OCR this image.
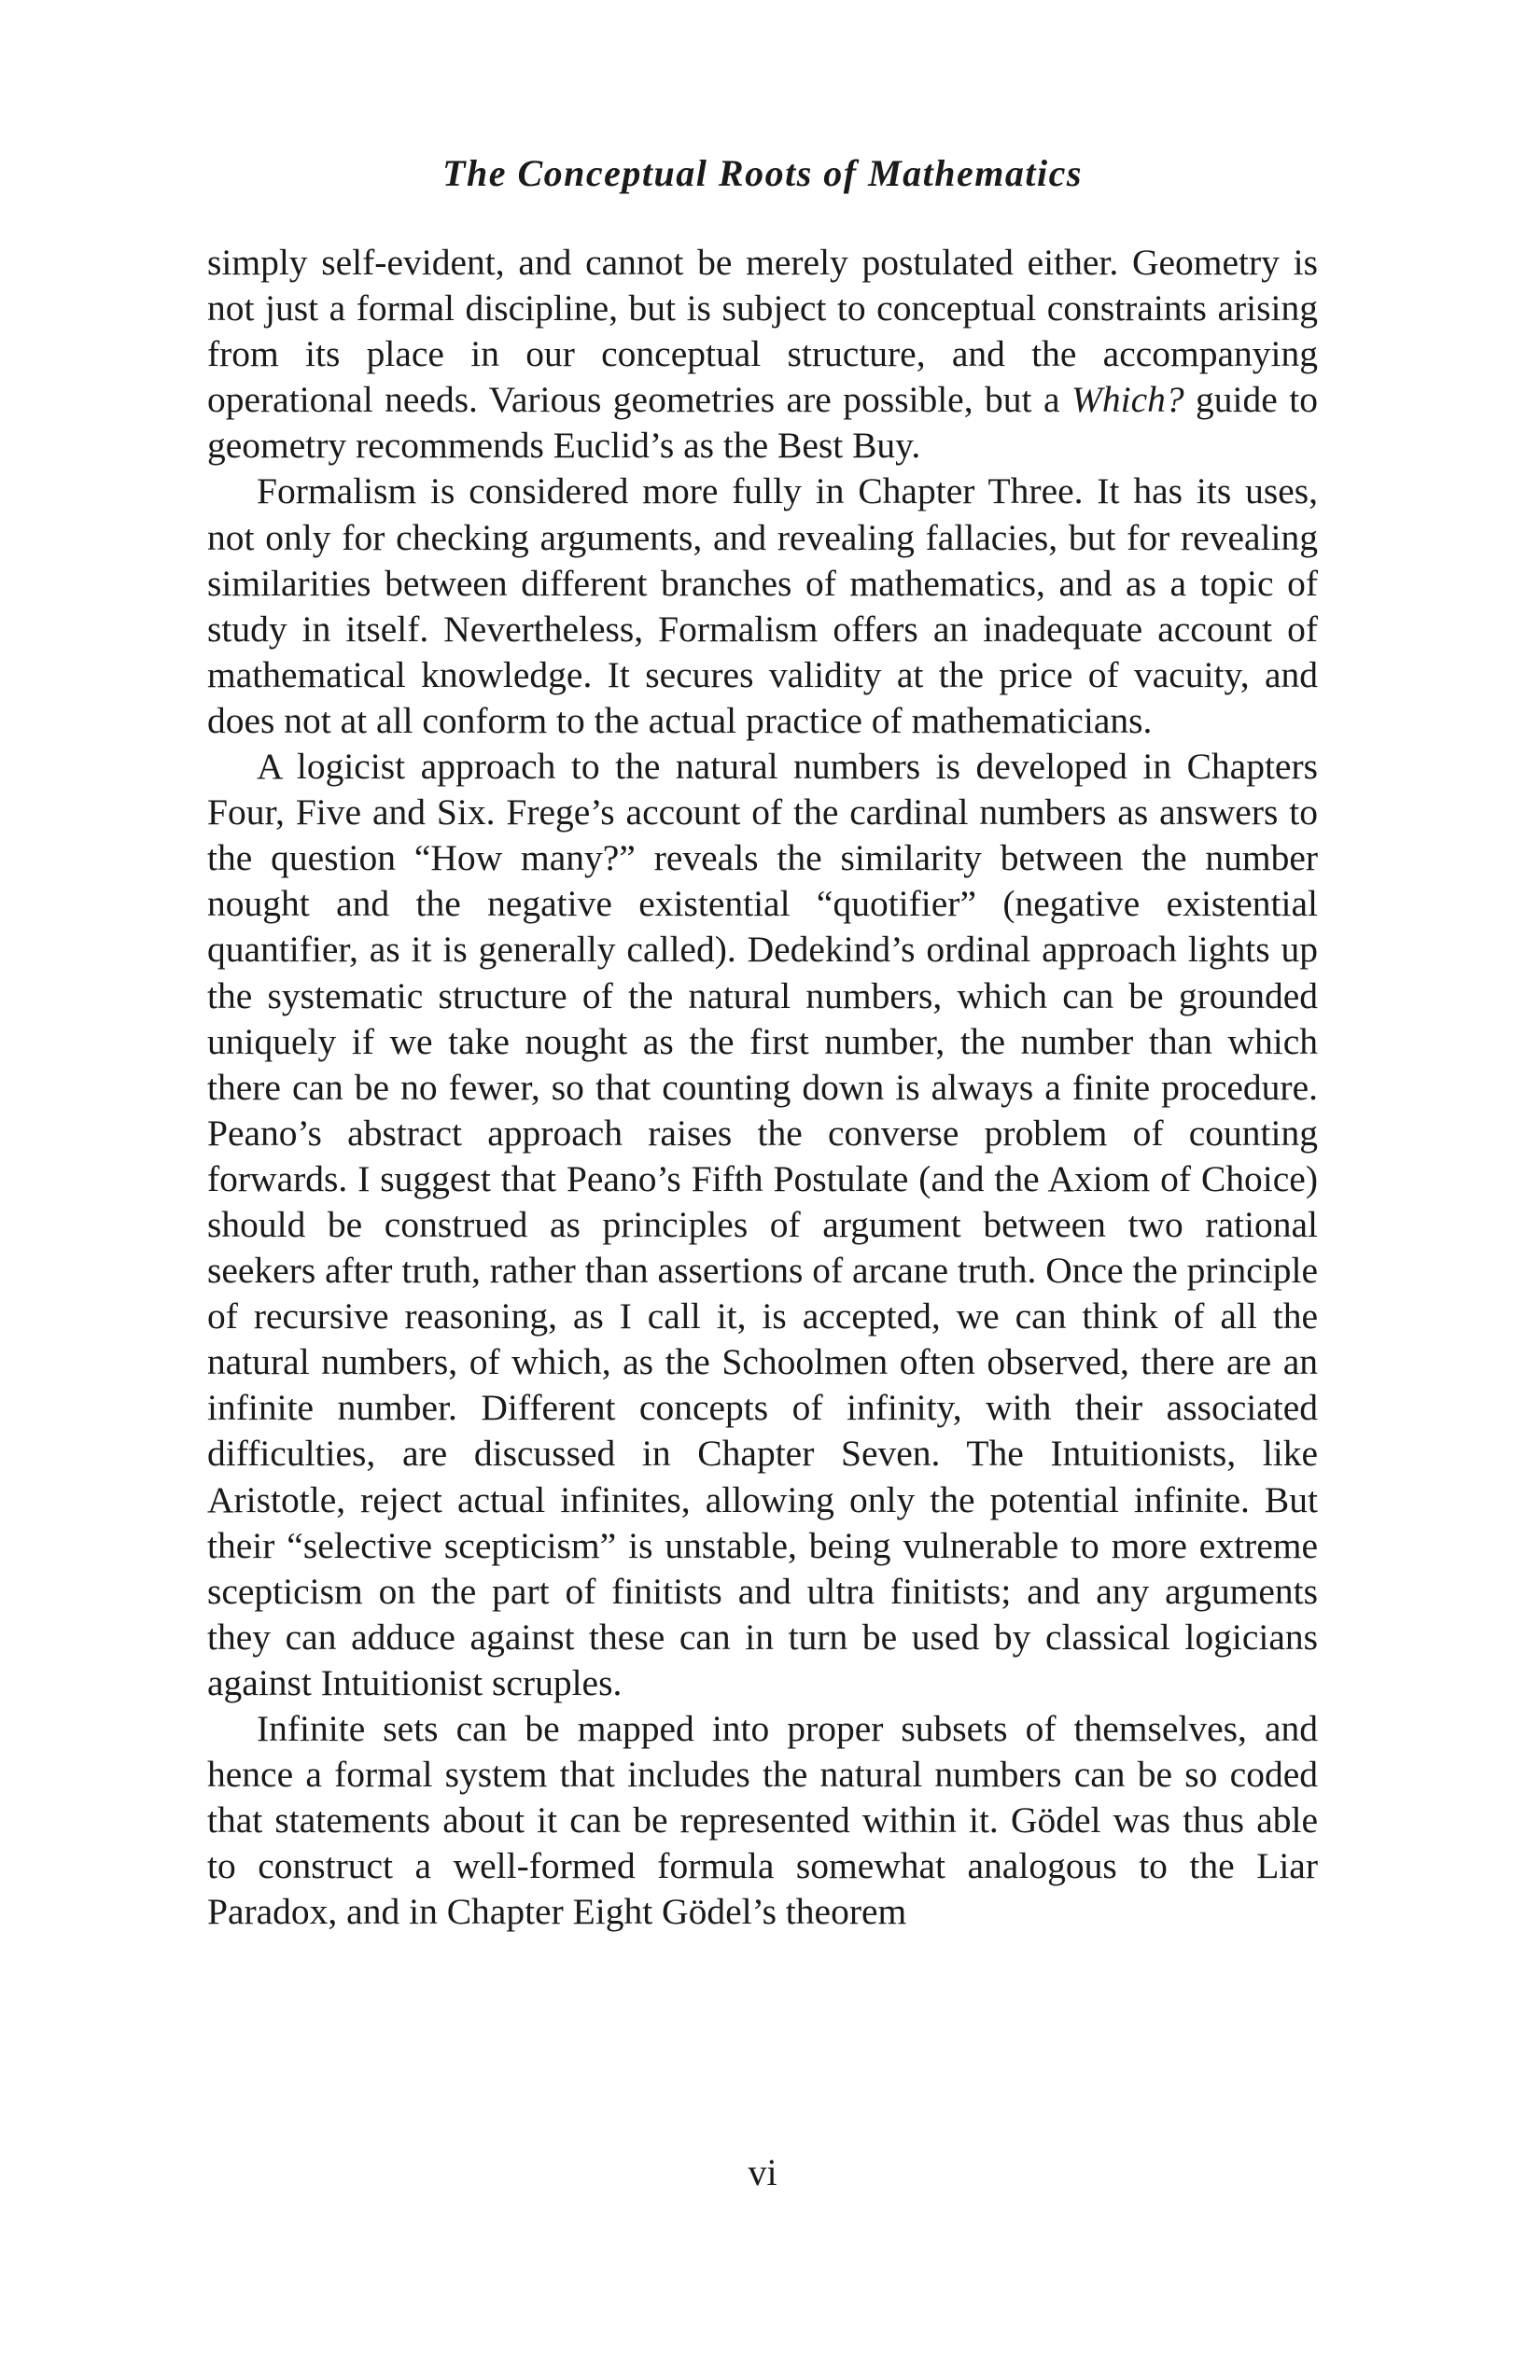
The Conceptual Roots of Mathematics

simply self-evident, and cannot be merely postulated either. Geometry is not just a formal discipline, but is subject to conceptual constraints arising from its place in our conceptual structure, and the accompanying operational needs. Various geometries are possible, but a Which? guide to geometry recommends Euclid’s as the Best Buy.

Formalism is considered more fully in Chapter Three. It has its uses, not only for checking arguments, and revealing fallacies, but for revealing similarities between different branches of mathematics, and as a topic of study in itself. Nevertheless, Formalism offers an inadequate account of mathematical knowledge. It secures validity at the price of vacuity, and does not at all conform to the actual practice of mathematicians.

A logicist approach to the natural numbers is developed in Chapters Four, Five and Six. Frege’s account of the cardinal numbers as answers to the question “How many?” reveals the similarity between the number nought and the negative existential “quotifier” (negative existential quantifier, as it is generally called). Dedekind’s ordinal approach lights up the systematic structure of the natural numbers, which can be grounded uniquely if we take nought as the first number, the number than which there can be no fewer, so that counting down is always a finite procedure. Peano’s abstract approach raises the converse problem of counting forwards. I suggest that Peano’s Fifth Postulate (and the Axiom of Choice) should be construed as principles of argument between two rational seekers after truth, rather than assertions of arcane truth. Once the principle of recursive reasoning, as I call it, is accepted, we can think of all the natural numbers, of which, as the Schoolmen often observed, there are an infinite number. Different concepts of infinity, with their associated difficulties, are discussed in Chapter Seven. The Intuitionists, like Aristotle, reject actual infinites, allowing only the potential infinite. But their “selective scepticism” is unstable, being vulnerable to more extreme scepticism on the part of finitists and ultra finitists; and any arguments they can adduce against these can in turn be used by classical logicians against Intuitionist scruples.

Infinite sets can be mapped into proper subsets of themselves, and hence a formal system that includes the natural numbers can be so coded that statements about it can be represented within it. Gödel was thus able to construct a well-formed formula somewhat analogous to the Liar Paradox, and in Chapter Eight Gödel’s theorem

vi
